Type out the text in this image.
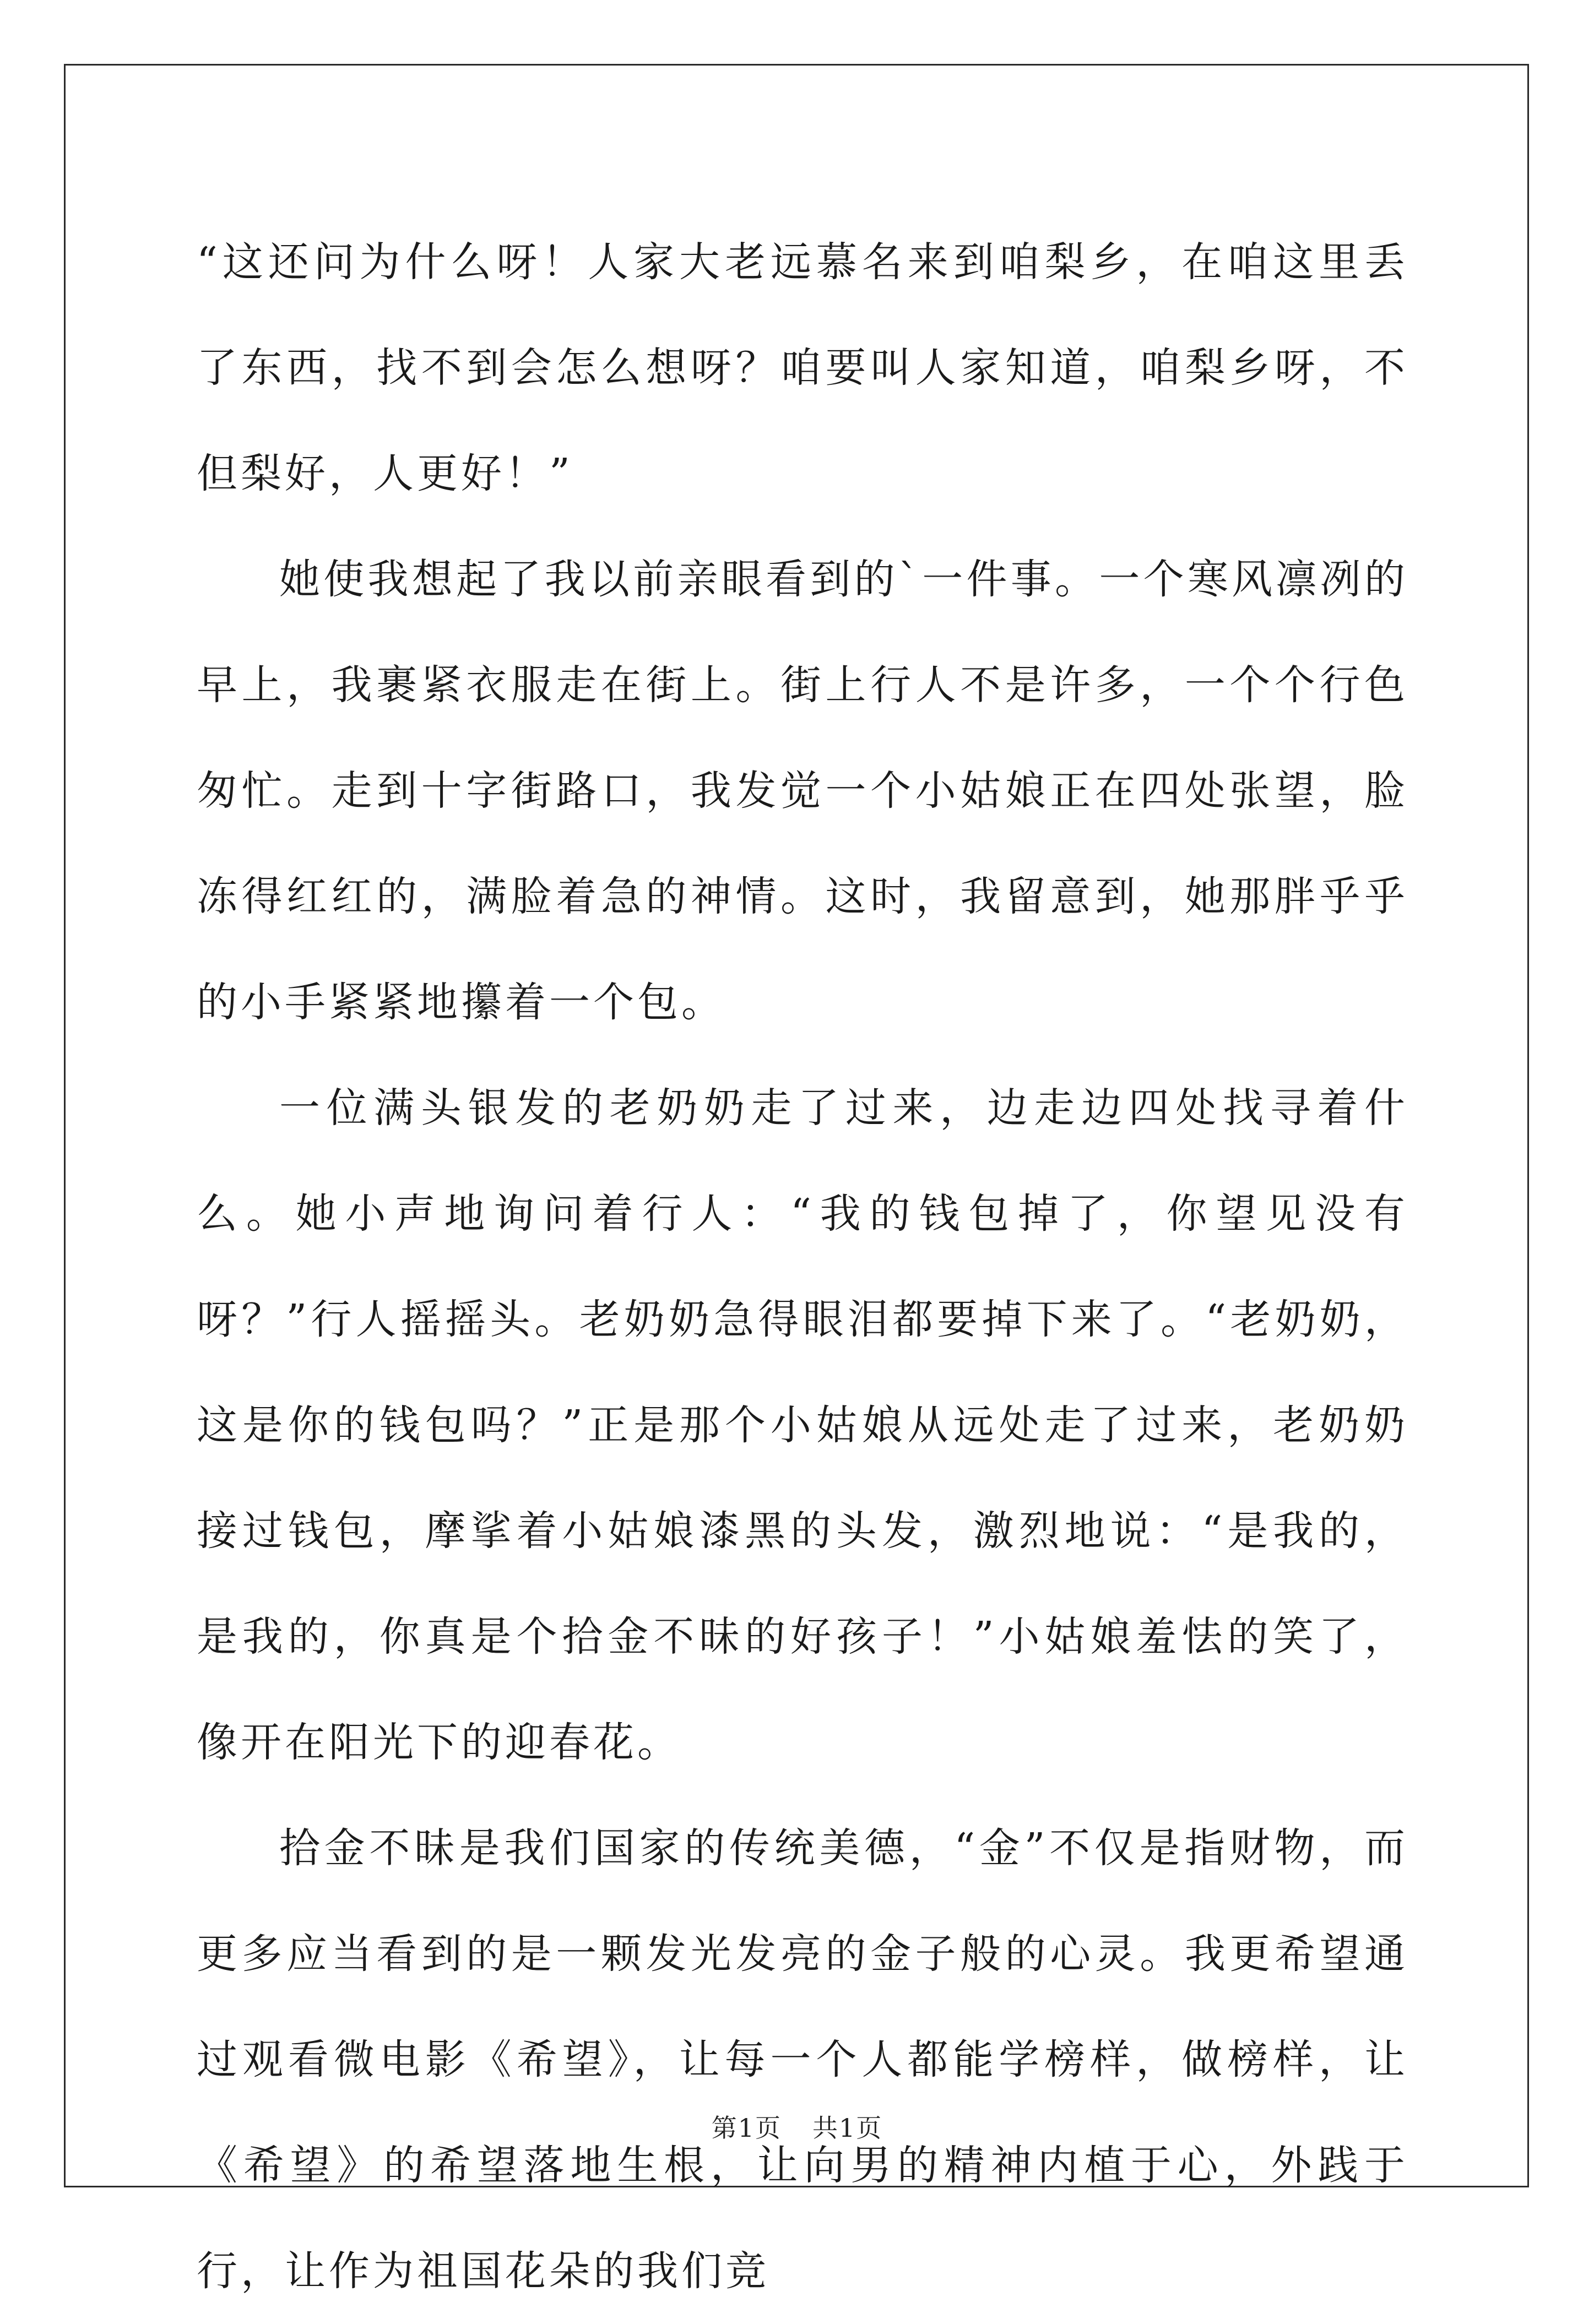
“这还问为什么呀！人家大老远慕名来到咱梨乡，在咱这里丢了东西，找不到会怎么想呀？咱要叫人家知道，咱梨乡呀，不但梨好，人更好！”

她使我想起了我以前亲眼看到的`一件事。一个寒风凛冽的早上，我裹紧衣服走在街上。街上行人不是许多，一个个行色匆忙。走到十字街路口，我发觉一个小姑娘正在四处张望，脸冻得红红的，满脸着急的神情。这时，我留意到，她那胖乎乎的小手紧紧地攥着一个包。

一位满头银发的老奶奶走了过来，边走边四处找寻着什么。她小声地询问着行人：“我的钱包掉了，你望见没有呀？”行人摇摇头。老奶奶急得眼泪都要掉下来了。“老奶奶，这是你的钱包吗？”正是那个小姑娘从远处走了过来，老奶奶接过钱包，摩挲着小姑娘漆黑的头发，激烈地说：“是我的，是我的，你真是个拾金不昧的好孩子！”小姑娘羞怯的笑了，像开在阳光下的迎春花。

拾金不昧是我们国家的传统美德，“金”不仅是指财物，而更多应当看到的是一颗发光发亮的金子般的心灵。我更希望通过观看微电影《希望》，让每一个人都能学榜样，做榜样，让《希望》的希望落地生根，让向男的精神内植于心，外践于行，让作为祖国花朵的我们竞

第1页 共1页
